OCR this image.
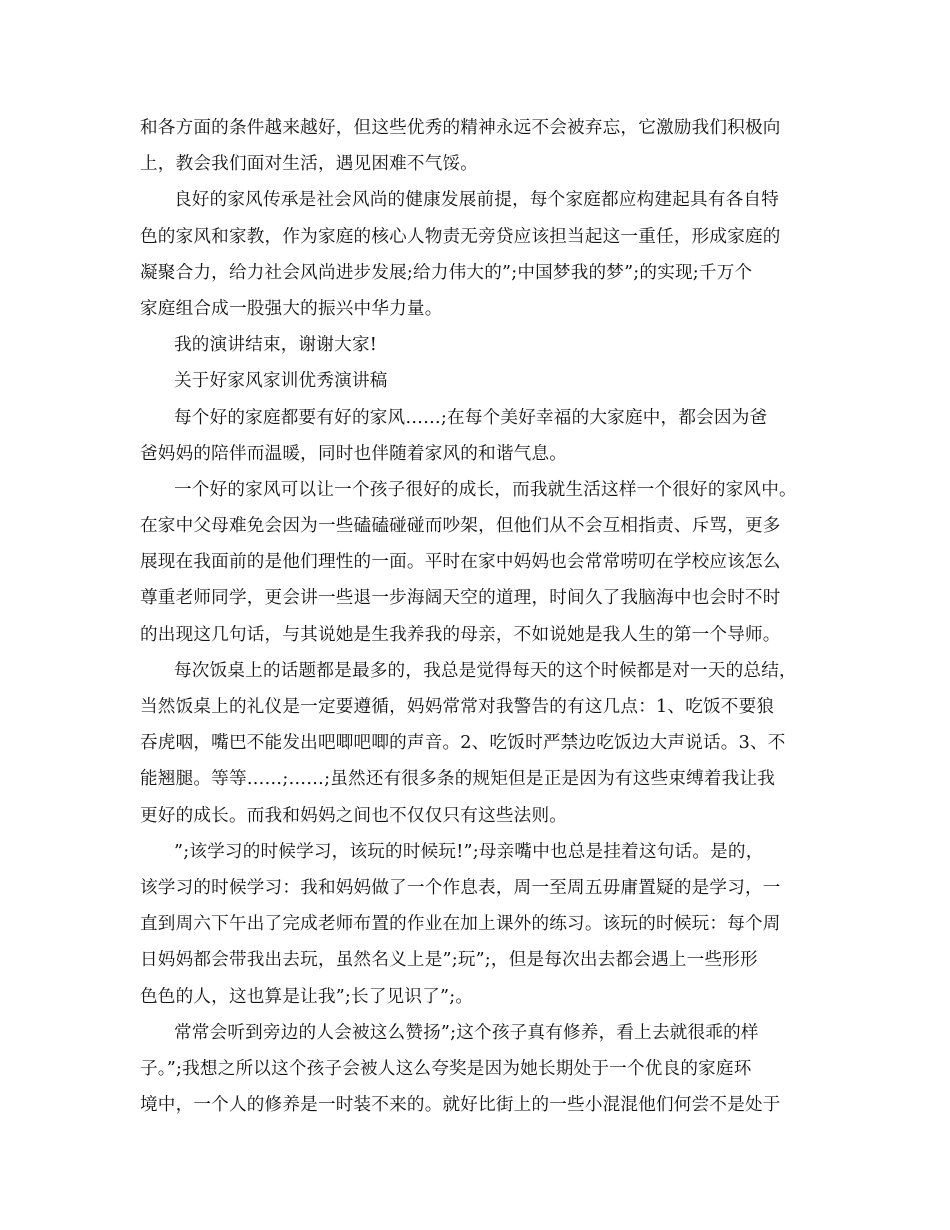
和各方面的条件越来越好，但这些优秀的精神永远不会被弃忘，它激励我们积极向
上，教会我们面对生活，遇见困难不气馁。
良好的家风传承是社会风尚的健康发展前提，每个家庭都应构建起具有各自特
色的家风和家教，作为家庭的核心人物责无旁贷应该担当起这一重任，形成家庭的
凝聚合力，给力社会风尚进步发展;给力伟大的”;中国梦我的梦”;的实现;千万个
家庭组合成一股强大的振兴中华力量。
我的演讲结束，谢谢大家!
关于好家风家训优秀演讲稿
每个好的家庭都要有好的家风……;在每个美好幸福的大家庭中，都会因为爸
爸妈妈的陪伴而温暖，同时也伴随着家风的和谐气息。
一个好的家风可以让一个孩子很好的成长，而我就生活这样一个很好的家风中。
在家中父母难免会因为一些磕磕碰碰而吵架，但他们从不会互相指责、斥骂，更多
展现在我面前的是他们理性的一面。平时在家中妈妈也会常常唠叨在学校应该怎么
尊重老师同学，更会讲一些退一步海阔天空的道理，时间久了我脑海中也会时不时
的出现这几句话，与其说她是生我养我的母亲，不如说她是我人生的第一个导师。
每次饭桌上的话题都是最多的，我总是觉得每天的这个时候都是对一天的总结，
当然饭桌上的礼仪是一定要遵循，妈妈常常对我警告的有这几点：1、吃饭不要狼
吞虎咽，嘴巴不能发出吧唧吧唧的声音。2、吃饭时严禁边吃饭边大声说话。3、不
能翘腿。等等……;……;虽然还有很多条的规矩但是正是因为有这些束缚着我让我
更好的成长。而我和妈妈之间也不仅仅只有这些法则。
”;该学习的时候学习，该玩的时候玩!”;母亲嘴中也总是挂着这句话。是的，
该学习的时候学习：我和妈妈做了一个作息表，周一至周五毋庸置疑的是学习，一
直到周六下午出了完成老师布置的作业在加上课外的练习。该玩的时候玩：每个周
日妈妈都会带我出去玩，虽然名义上是”;玩”;，但是每次出去都会遇上一些形形
色色的人，这也算是让我”;长了见识了”;。
常常会听到旁边的人会被这么赞扬”;这个孩子真有修养，看上去就很乖的样
子。”;我想之所以这个孩子会被人这么夸奖是因为她长期处于一个优良的家庭环
境中，一个人的修养是一时装不来的。就好比街上的一些小混混他们何尝不是处于
